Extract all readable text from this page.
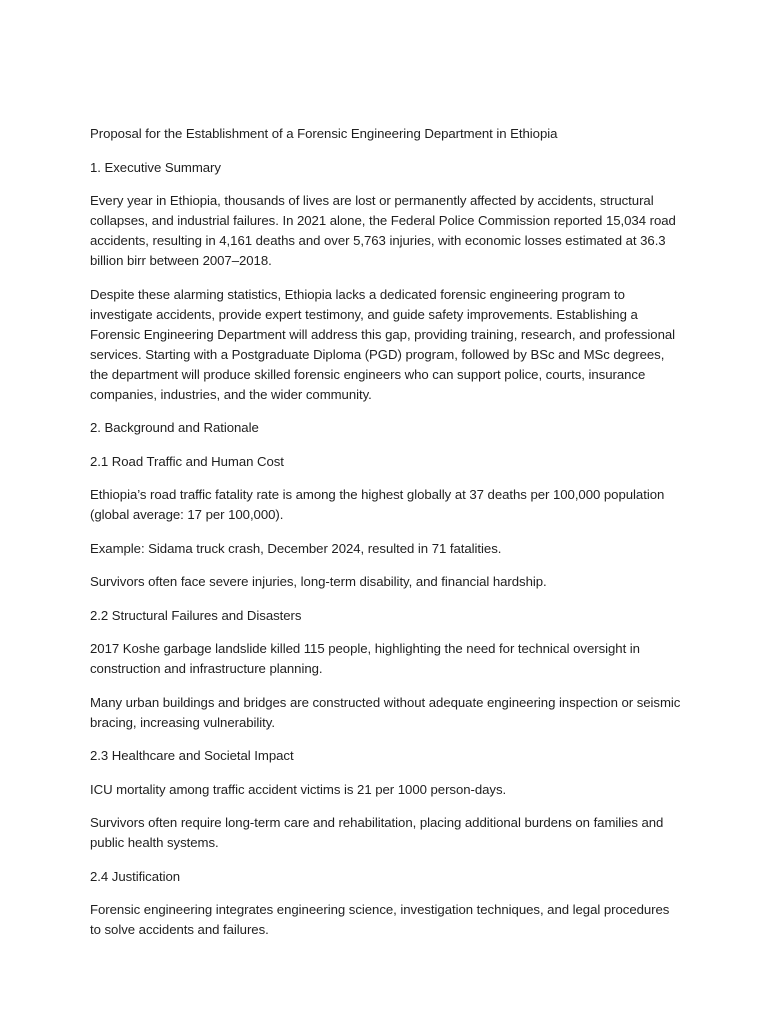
Proposal for the Establishment of a Forensic Engineering Department in Ethiopia

1. Executive Summary

Every year in Ethiopia, thousands of lives are lost or permanently affected by accidents, structural collapses, and industrial failures. In 2021 alone, the Federal Police Commission reported 15,034 road accidents, resulting in 4,161 deaths and over 5,763 injuries, with economic losses estimated at 36.3 billion birr between 2007–2018.

Despite these alarming statistics, Ethiopia lacks a dedicated forensic engineering program to investigate accidents, provide expert testimony, and guide safety improvements. Establishing a Forensic Engineering Department will address this gap, providing training, research, and professional services. Starting with a Postgraduate Diploma (PGD) program, followed by BSc and MSc degrees, the department will produce skilled forensic engineers who can support police, courts, insurance companies, industries, and the wider community.

2. Background and Rationale

2.1 Road Traffic and Human Cost

Ethiopia’s road traffic fatality rate is among the highest globally at 37 deaths per 100,000 population (global average: 17 per 100,000).

Example: Sidama truck crash, December 2024, resulted in 71 fatalities.

Survivors often face severe injuries, long-term disability, and financial hardship.

2.2 Structural Failures and Disasters

2017 Koshe garbage landslide killed 115 people, highlighting the need for technical oversight in construction and infrastructure planning.

Many urban buildings and bridges are constructed without adequate engineering inspection or seismic bracing, increasing vulnerability.

2.3 Healthcare and Societal Impact

ICU mortality among traffic accident victims is 21 per 1000 person-days.

Survivors often require long-term care and rehabilitation, placing additional burdens on families and public health systems.

2.4 Justification

Forensic engineering integrates engineering science, investigation techniques, and legal procedures to solve accidents and failures.
